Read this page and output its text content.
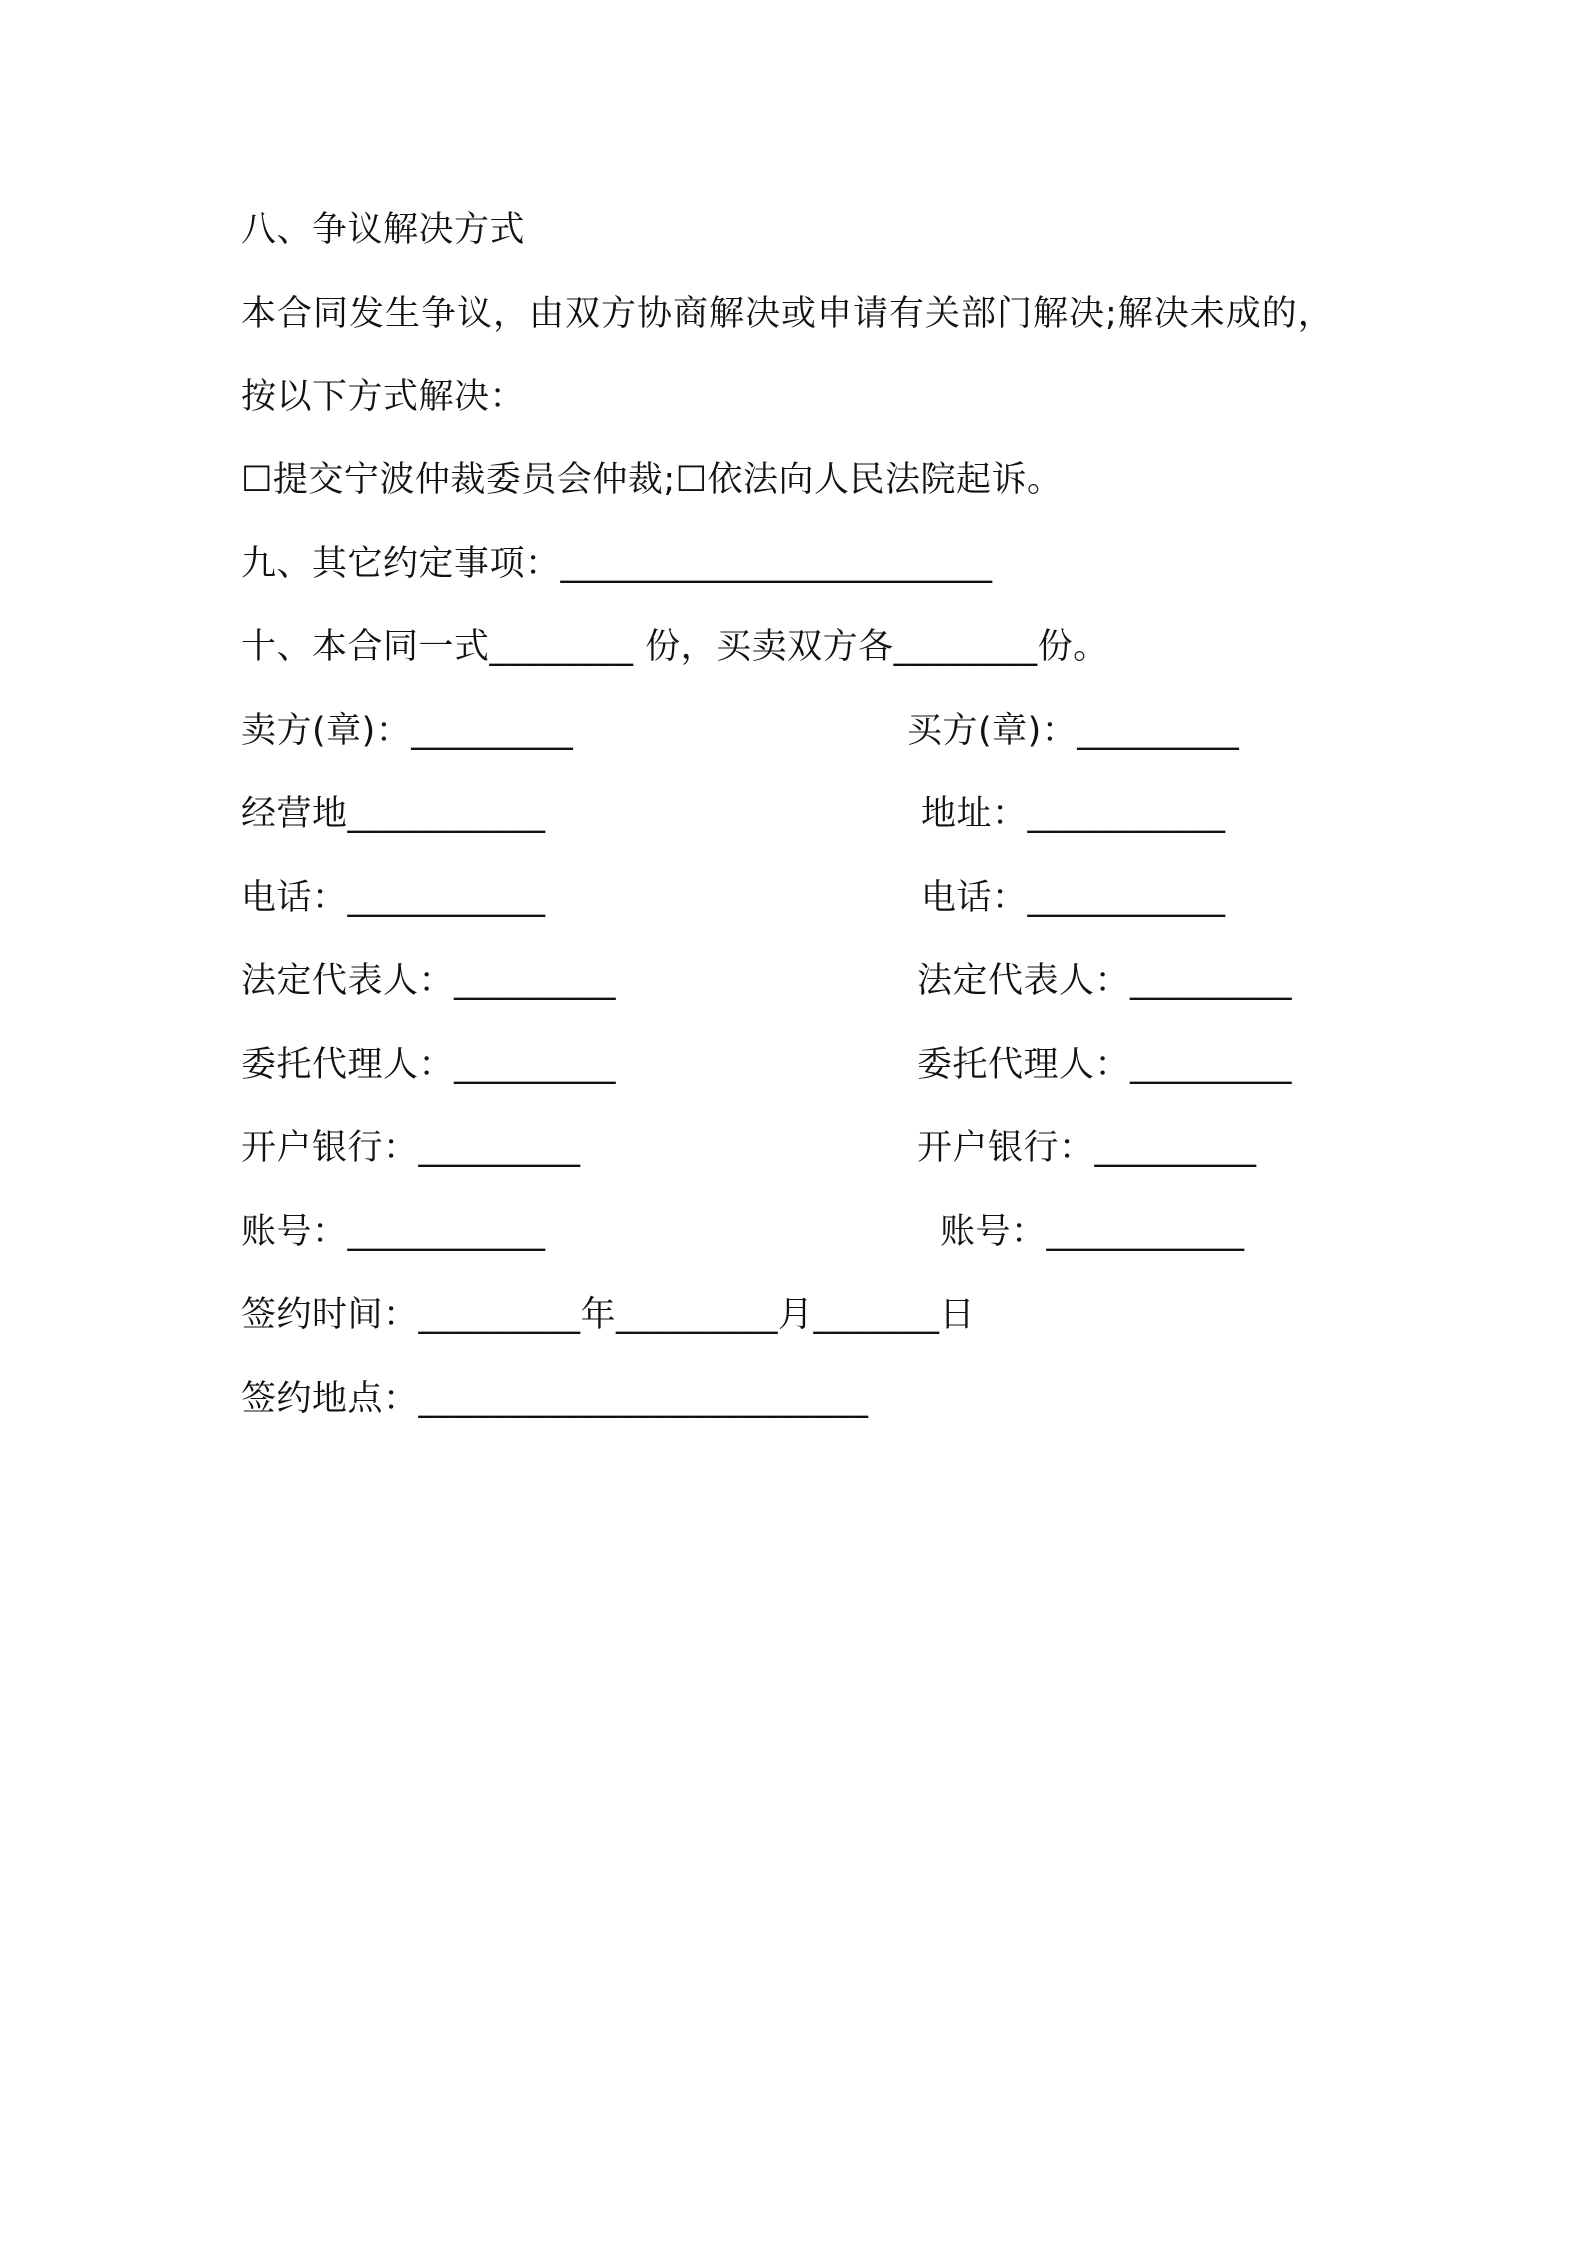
八、争议解决方式
本合同发生争议，由双方协商解决或申请有关部门解决;解决未成的，
按以下方式解决：
☐提交宁波仲裁委员会仲裁;☐依法向人民法院起诉。
九、其它约定事项：________________________
十、本合同一式________ 份，买卖双方各________份。
卖方(章)：_________	买方(章)：_________
经营地___________	地址：___________
电话：___________	电话：___________
法定代表人：_________	法定代表人：_________
委托代理人：_________	委托代理人：_________
开户银行：_________	开户银行：_________
账号：___________	账号：___________
签约时间：_________年_________月_______日
签约地点：_________________________
